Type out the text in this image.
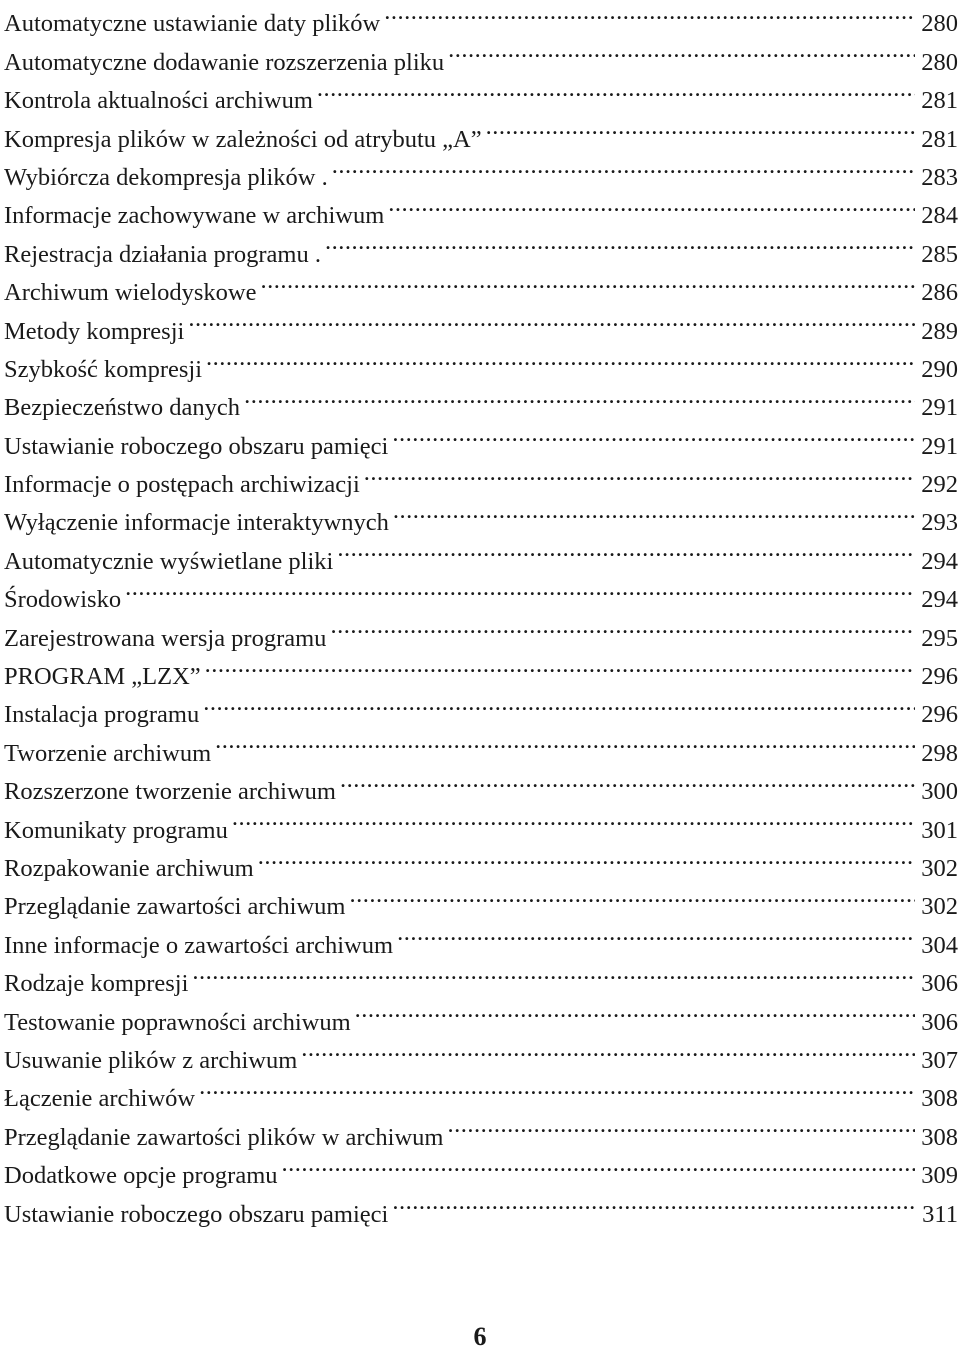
Automatyczne ustawianie daty plików .....	280
Automatyczne dodawanie rozszerzenia pliku .....	280
Kontrola aktualności archiwum .....	281
Kompresja plików w zależności od atrybutu „A” .....	281
Wybiórcza dekompresja plików . .....	283
Informacje zachowywane w archiwum .....	284
Rejestracja działania programu . .....	285
Archiwum wielodyskowe .....	286
Metody kompresji .....	289
Szybkość kompresji .....	290
Bezpieczeństwo danych .....	291
Ustawianie roboczego obszaru pamięci .....	291
Informacje o postępach archiwizacji .....	292
Wyłączenie informacje interaktywnych .....	293
Automatycznie wyświetlane pliki .....	294
Środowisko .....	294
Zarejestrowana wersja programu .....	295
PROGRAM „LZX” .....	296
Instalacja programu .....	296
Tworzenie archiwum .....	298
Rozszerzone tworzenie archiwum .....	300
Komunikaty programu .....	301
Rozpakowanie archiwum .....	302
Przeglądanie zawartości archiwum .....	302
Inne informacje o zawartości archiwum .....	304
Rodzaje kompresji .....	306
Testowanie poprawności archiwum .....	306
Usuwanie plików z archiwum .....	307
Łączenie archiwów .....	308
Przeglądanie zawartości plików w archiwum .....	308
Dodatkowe opcje programu .....	309
Ustawianie roboczego obszaru pamięci .....	311
6
